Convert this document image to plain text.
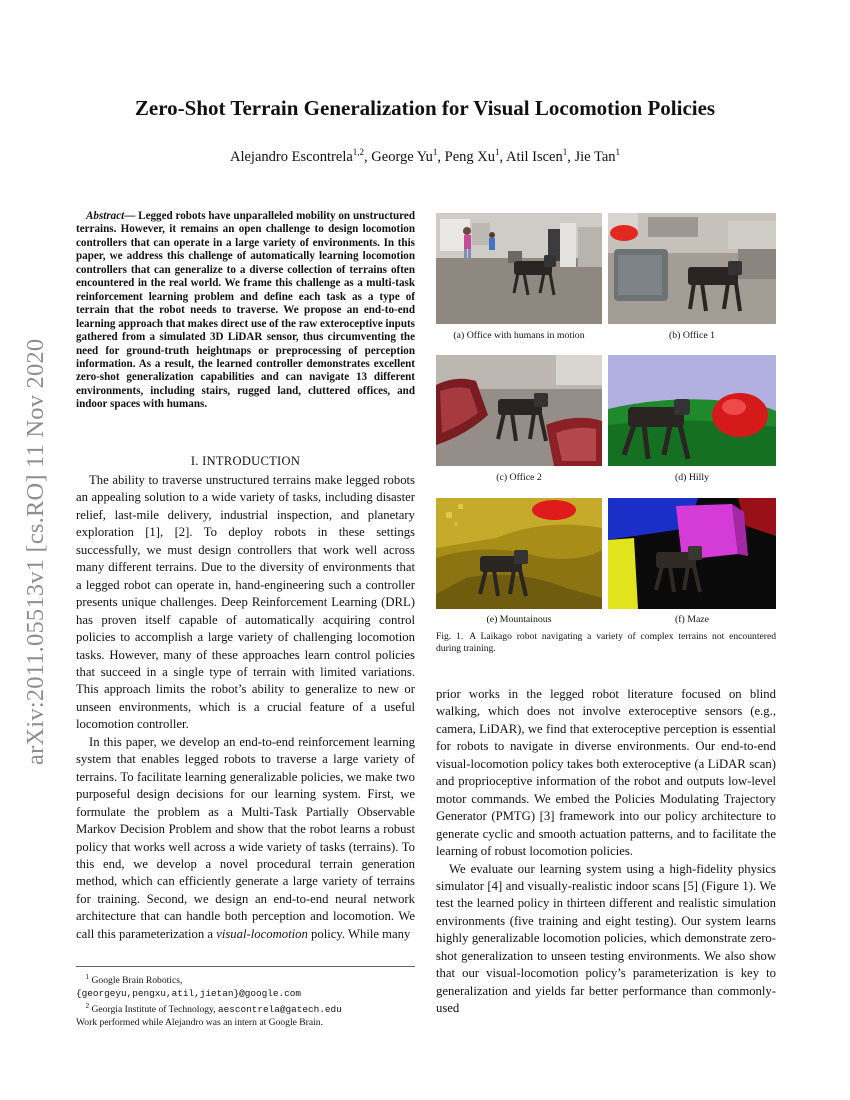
arXiv:2011.05513v1 [cs.RO] 11 Nov 2020
Zero-Shot Terrain Generalization for Visual Locomotion Policies
Alejandro Escontrela$^{1,2}$, George Yu$^1$, Peng Xu$^1$, Atil Iscen$^1$, Jie Tan$^1$

Abstract— Legged robots have unparalleled mobility on unstructured terrains. However, it remains an open challenge to design locomotion controllers that can operate in a large variety of environments. In this paper, we address this challenge of automatically learning locomotion controllers that can generalize to a diverse collection of terrains often encountered in the real world. We frame this challenge as a multi-task reinforcement learning problem and define each task as a type of terrain that the robot needs to traverse. We propose an end-to-end learning approach that makes direct use of the raw exteroceptive inputs gathered from a simulated 3D LiDAR sensor, thus circumventing the need for ground-truth heightmaps or preprocessing of perception information. As a result, the learned controller demonstrates excellent zero-shot generalization capabilities and can navigate 13 different environments, including stairs, rugged land, cluttered offices, and indoor spaces with humans.

I. INTRODUCTION

The ability to traverse unstructured terrains make legged robots an appealing solution to a wide variety of tasks, including disaster relief, last-mile delivery, industrial inspection, and planetary exploration [1], [2]. To deploy robots in these settings successfully, we must design controllers that work well across many different terrains. Due to the diversity of environments that a legged robot can operate in, hand-engineering such a controller presents unique challenges. Deep Reinforcement Learning (DRL) has proven itself capable of automatically acquiring control policies to accomplish a large variety of challenging locomotion tasks. However, many of these approaches learn control policies that succeed in a single type of terrain with limited variations. This approach limits the robot’s ability to generalize to new or unseen environments, which is a crucial feature of a useful locomotion controller.

In this paper, we develop an end-to-end reinforcement learning system that enables legged robots to traverse a large variety of terrains. To facilitate learning generalizable policies, we make two purposeful design decisions for our learning system. First, we formulate the problem as a Multi-Task Partially Observable Markov Decision Problem and show that the robot learns a robust policy that works well across a wide variety of tasks (terrains). To this end, we develop a novel procedural terrain generation method, which can efficiently generate a large variety of terrains for training. Second, we design an end-to-end neural network architecture that can handle both perception and locomotion. We call this parameterization a visual-locomotion policy. While many

$^1$ Google Brain Robotics,

{georgeyu,pengxu,atil,jietan}@google.com

$^2$ Georgia Institute of Technology, aescontrela@gatech.edu

Work performed while Alejandro was an intern at Google Brain.

(a) Office with humans in motion	(b) Office 1
(c) Office 2	(d) Hilly
(e) Mountainous	(f) Maze
Fig. 1. A Laikago robot navigating a variety of complex terrains not encountered during training.

prior works in the legged robot literature focused on blind walking, which does not involve exteroceptive sensors (e.g., camera, LiDAR), we find that exteroceptive perception is essential for robots to navigate in diverse environments. Our end-to-end visual-locomotion policy takes both exteroceptive (a LiDAR scan) and proprioceptive information of the robot and outputs low-level motor commands. We embed the Policies Modulating Trajectory Generator (PMTG) [3] framework into our policy architecture to generate cyclic and smooth actuation patterns, and to facilitate the learning of robust locomotion policies.

We evaluate our learning system using a high-fidelity physics simulator [4] and visually-realistic indoor scans [5] (Figure 1). We test the learned policy in thirteen different and realistic simulation environments (five training and eight testing). Our system learns highly generalizable locomotion policies, which demonstrate zero-shot generalization to unseen testing environments. We also show that our visual-locomotion policy’s parameterization is key to generalization and yields far better performance than commonly-used
